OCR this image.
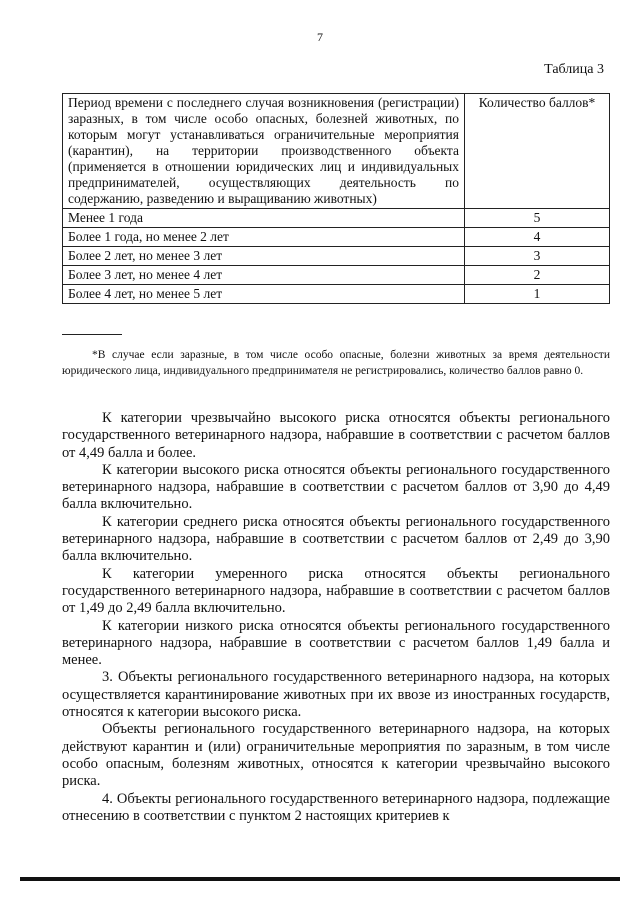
7
Таблица 3
Период времени с последнего случая возникновения (регистрации) заразных, в том числе особо опасных, болезней животных, по которым могут устанавливаться ограничительные мероприятия (карантин), на территории производственного объекта (применяется в отношении юридических лиц и индивидуальных предпринимателей, осуществляющих деятельность по содержанию, разведению и выращиванию животных)	Количество баллов*
Менее 1 года	5
Более 1 года, но менее 2 лет	4
Более 2 лет, но менее 3 лет	3
Более 3 лет, но менее 4 лет	2
Более 4 лет, но менее 5 лет	1
*В случае если заразные, в том числе особо опасные, болезни животных за время деятельности юридического лица, индивидуального предпринимателя не регистрировались, количество баллов равно 0.

К категории чрезвычайно высокого риска относятся объекты регионального государственного ветеринарного надзора, набравшие в соответствии с расчетом баллов от 4,49 балла и более.

К категории высокого риска относятся объекты регионального государственного ветеринарного надзора, набравшие в соответствии с расчетом баллов от 3,90 до 4,49 балла включительно.

К категории среднего риска относятся объекты регионального государственного ветеринарного надзора, набравшие в соответствии с расчетом баллов от 2,49 до 3,90 балла включительно.

К категории умеренного риска относятся объекты регионального государственного ветеринарного надзора, набравшие в соответствии с расчетом баллов от 1,49 до 2,49 балла включительно.

К категории низкого риска относятся объекты регионального государственного ветеринарного надзора, набравшие в соответствии с расчетом баллов 1,49 балла и менее.

3. Объекты регионального государственного ветеринарного надзора, на которых осуществляется карантинирование животных при их ввозе из иностранных государств, относятся к категории высокого риска.

Объекты регионального государственного ветеринарного надзора, на которых действуют карантин и (или) ограничительные мероприятия по заразным, в том числе особо опасным, болезням животных, относятся к категории чрезвычайно высокого риска.

4. Объекты регионального государственного ветеринарного надзора, подлежащие отнесению в соответствии с пунктом 2 настоящих критериев к
